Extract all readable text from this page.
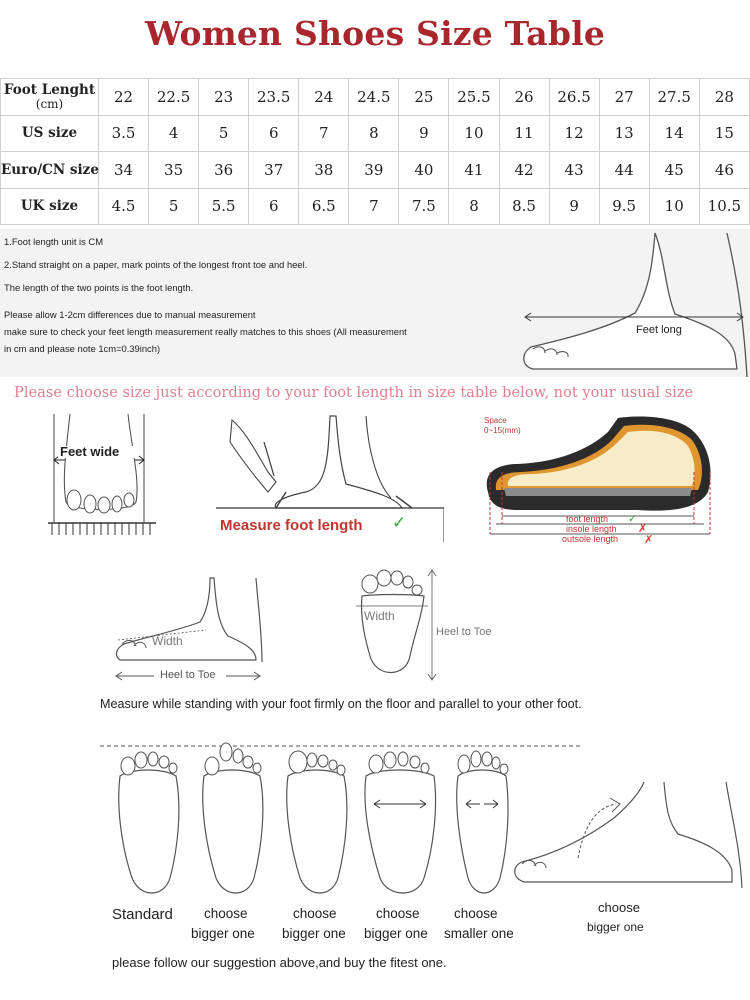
Women Shoes Size Table
Foot Lenght
(cm)	22	22.5	23	23.5	24	24.5	25	25.5	26	26.5	27	27.5	28
US size	3.5	4	5	6	7	8	9	10	11	12	13	14	15
Euro/CN size	34	35	36	37	38	39	40	41	42	43	44	45	46
UK size	4.5	5	5.5	6	6.5	7	7.5	8	8.5	9	9.5	10	10.5
1.Foot length unit is CM
2.Stand straight on a paper, mark points of the longest front toe and heel.
The length of the two points is the foot length.
Please allow 1-2cm differences due to manual measurement
make sure to check your feet length measurement really matches to this shoes (All measurement
in cm and please note 1cm=0.39inch)
Feet long
Please choose size just according to your foot length in size table below, not your usual size
Feet wide
Measure foot length ✓
Space
0~15(mm)
foot length ✓
insole length ✗
outsole length ✗
Width
Heel to Toe
Width
Heel to Toe
Measure while standing with your foot firmly on the floor and parallel to your other foot.
Standard choose
bigger one
choose
bigger one
choose
bigger one
choose
smaller one
choose
bigger one
please follow our suggestion above,and buy the fitest one.
